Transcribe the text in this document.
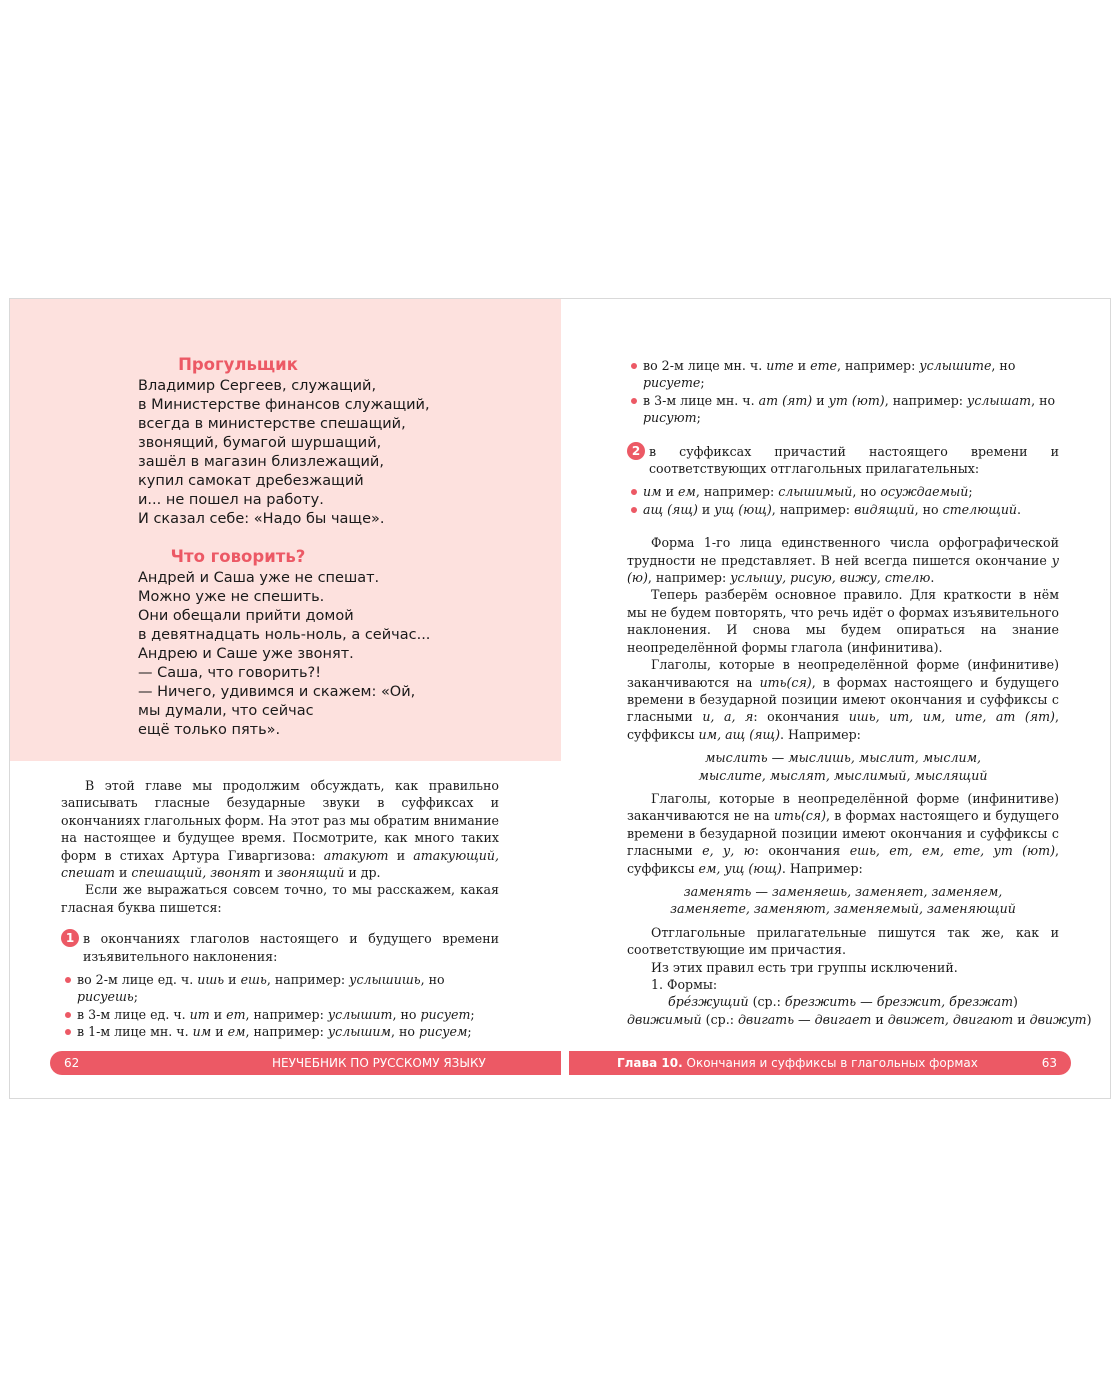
Прогульщик
Владимир Сергеев, служащий,
в Министерстве финансов служащий,
всегда в министерстве спешащий,
звонящий, бумагой шуршащий,
зашёл в магазин близлежащий,
купил самокат дребезжащий
и... не пошел на работу.
И сказал себе: «Надо бы чаще».
Что говорить?
Андрей и Саша уже не спешат.
Можно уже не спешить.
Они обещали прийти домой
в девятнадцать ноль-ноль, а сейчас...
Андрею и Саше уже звонят.
— Саша, что говорить?!
— Ничего, удивимся и скажем: «Ой,
мы думали, что сейчас
ещё только пять».

В этой главе мы продолжим обсуждать, как правильно записывать гласные безударные звуки в суффиксах и окончаниях глагольных форм. На этот раз мы обратим внимание на настоящее и будущее время. Посмотрите, как много таких форм в стихах Артура Гиваргизова: атакуют и атакующий, спешат и спешащий, звонят и звонящий и др.

Если же выражаться совсем точно, то мы расскажем, какая гласная буква пишется:

1 в окончаниях глаголов настоящего и будущего времени изъявительного наклонения:

во 2-м лице ед. ч. ишь и ешь, например: услышишь, но рисуешь;
в 3-м лице ед. ч. ит и ет, например: услышит, но рисует;
в 1-м лице мн. ч. им и ем, например: услышим, но рисуем;
во 2-м лице мн. ч. ите и ете, например: услышите, но рисуете;
в 3-м лице мн. ч. ат (ят) и ут (ют), например: услышат, но рисуют;
2 в суффиксах причастий настоящего времени и соответствующих отглагольных прилагательных:

им и ем, например: слышимый, но осуждаемый;
ащ (ящ) и ущ (ющ), например: видящий, но стелющий.

Форма 1-го лица единственного числа орфографической трудности не представляет. В ней всегда пишется окончание у (ю), например: услышу, рисую, вижу, стелю.

Теперь разберём основное правило. Для краткости в нём мы не будем повторять, что речь идёт о формах изъявительного наклонения. И снова мы будем опираться на знание неопределённой формы глагола (инфинитива).

Глаголы, которые в неопределённой форме (инфинитиве) заканчиваются на ить(ся), в формах настоящего и будущего времени в безударной позиции имеют окончания и суффиксы с гласными и, а, я: окончания ишь, ит, им, ите, ат (ят), суффиксы им, ащ (ящ). Например:

мыслить — мыслишь, мыслит, мыслим,
мыслите, мыслят, мыслимый, мыслящий

Глаголы, которые в неопределённой форме (инфинитиве) заканчиваются не на ить(ся), в формах настоящего и будущего времени в безударной позиции имеют окончания и суффиксы с гласными е, у, ю: окончания ешь, ет, ем, ете, ут (ют), суффиксы ем, ущ (ющ). Например:

заменять — заменяешь, заменяет, заменяем,
заменяете, заменяют, заменяемый, заменяющий

Отглагольные прилагательные пишутся так же, как и соответствующие им причастия.

Из этих правил есть три группы исключений.

1. Формы:

брéзжущий (ср.: брезжить — брезжит, брезжат)
движимый (ср.: двигать — двигает и движет, двигают и движут)
62	НЕУЧЕБНИК ПО РУССКОМУ ЯЗЫКУ	Глава 10. Окончания и суффиксы в глагольных формах	63
